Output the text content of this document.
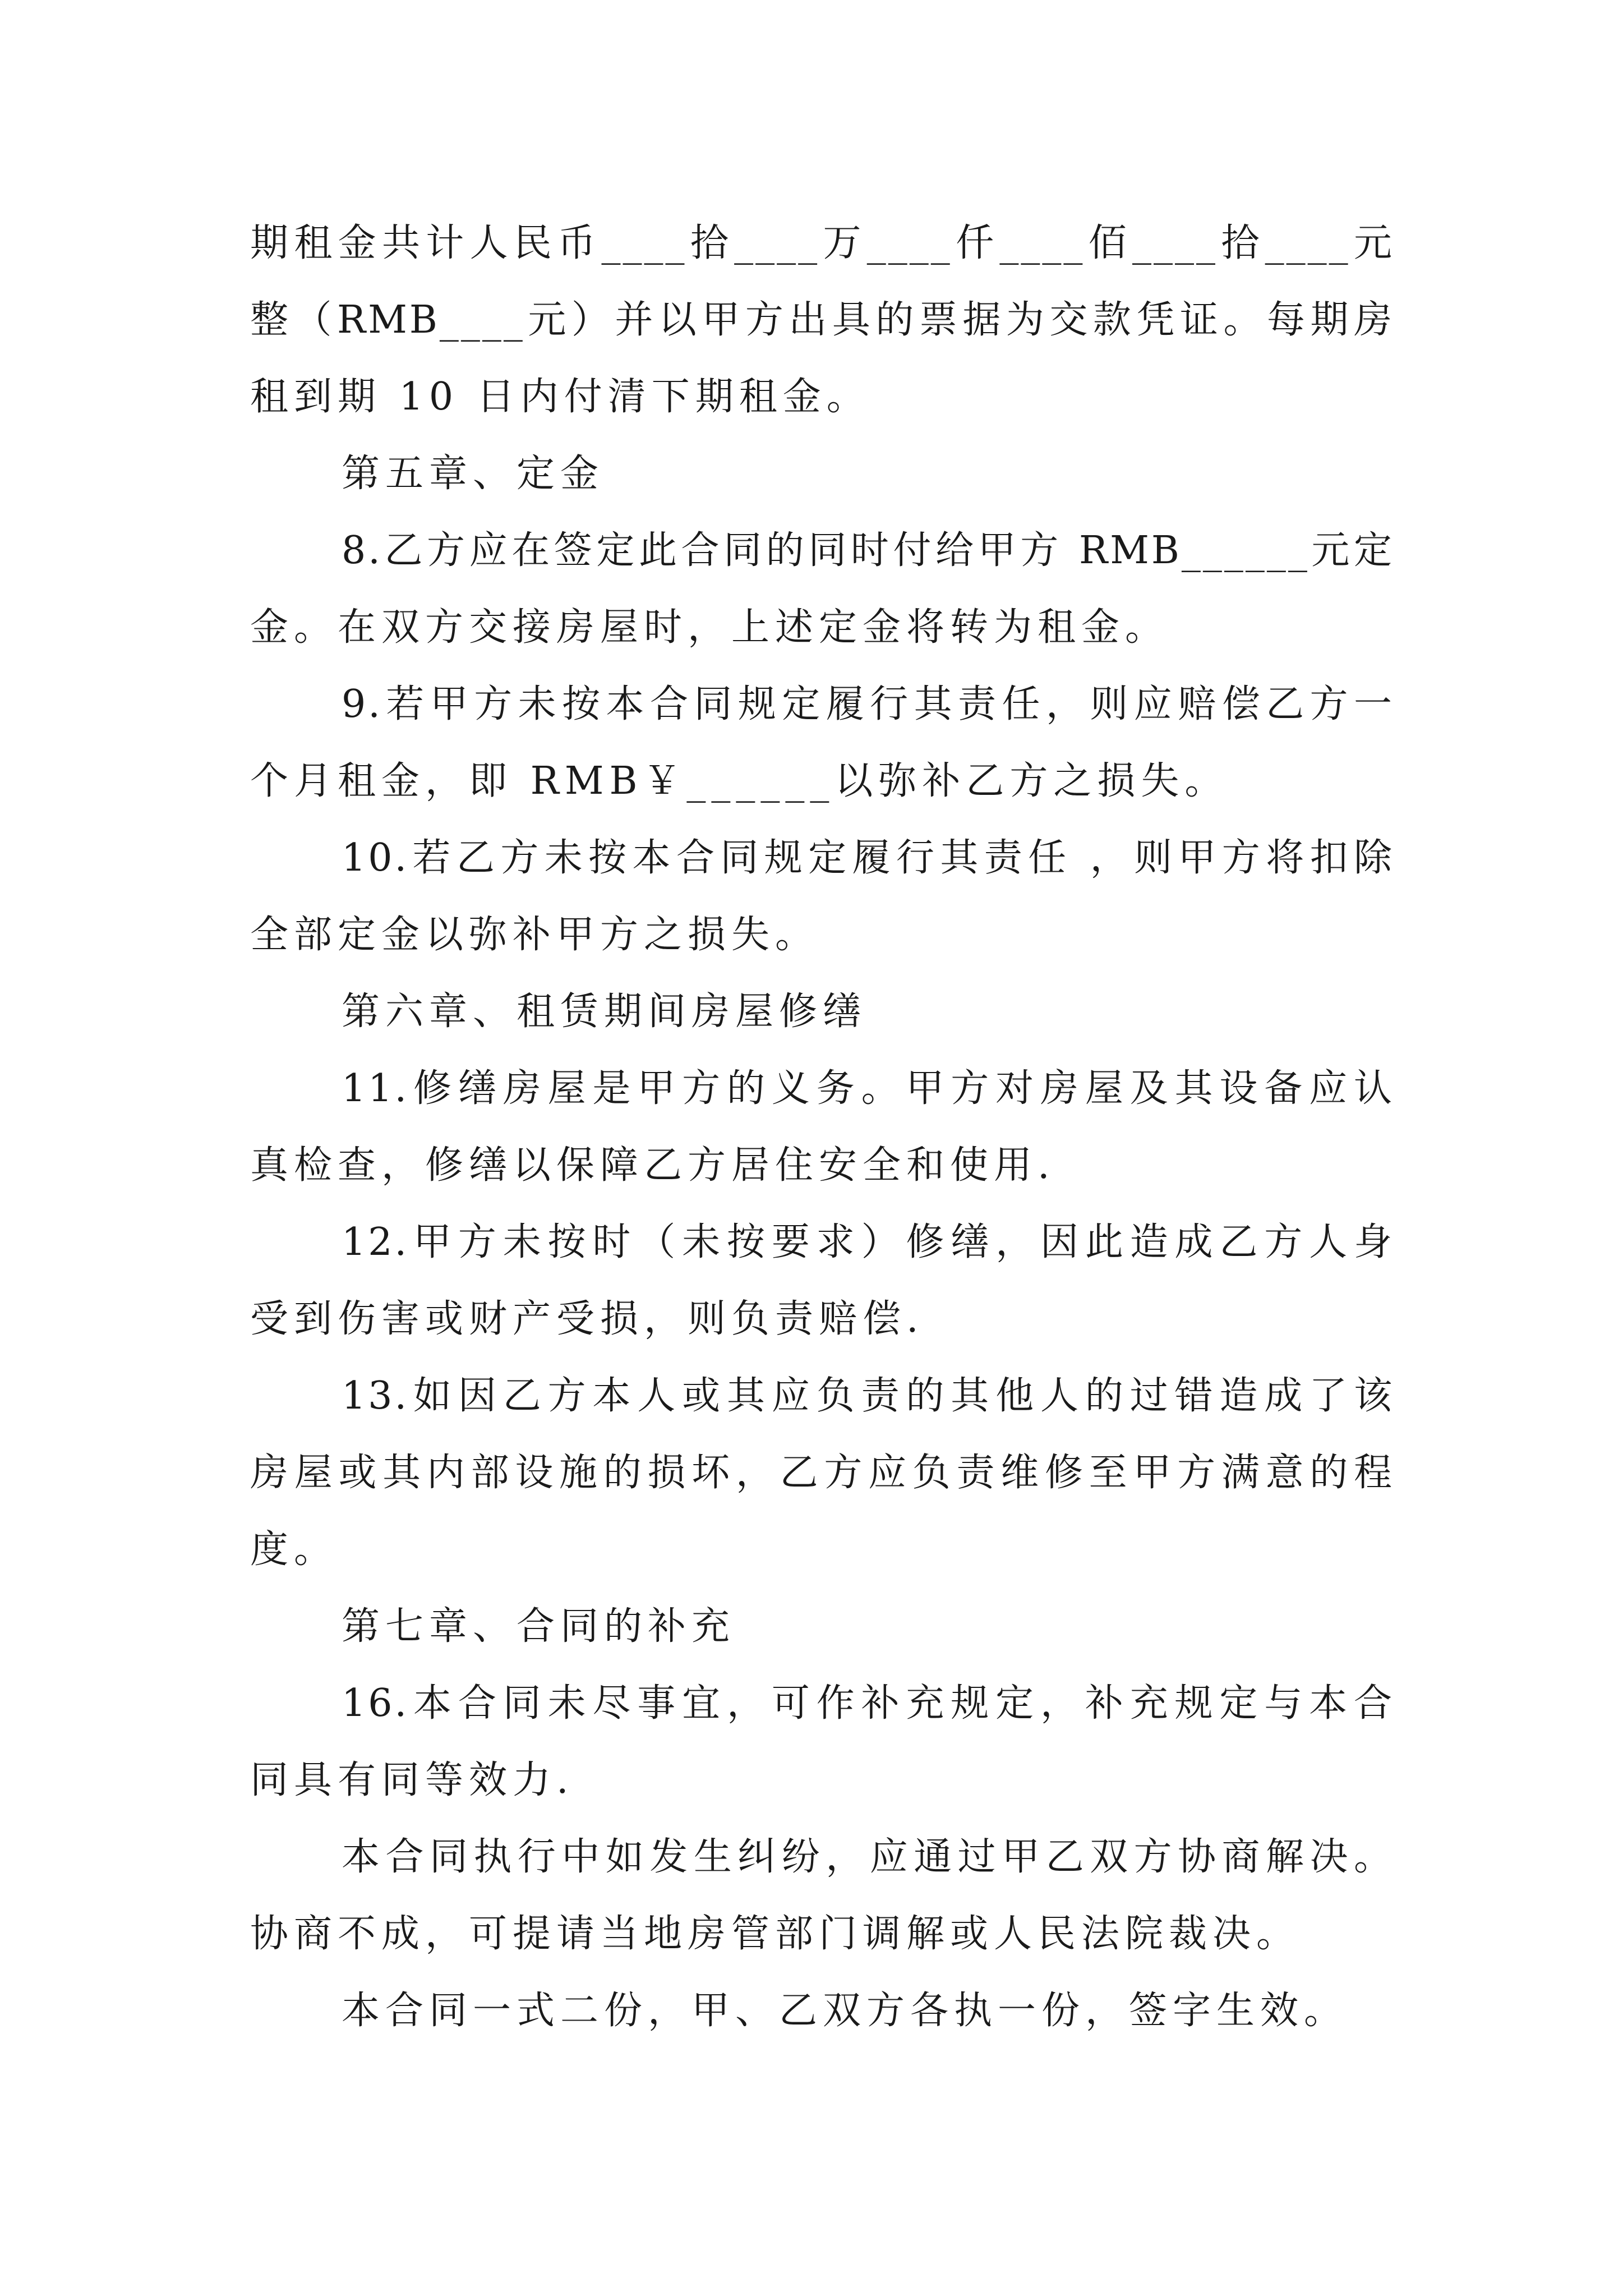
期租金共计人民币____拾____万____仟____佰____拾____元
整（RMB____元）并以甲方出具的票据为交款凭证。每期房
租到期 10 日内付清下期租金。
第五章、定金
8.乙方应在签定此合同的同时付给甲方 RMB______元定
金。在双方交接房屋时，上述定金将转为租金。
9.若甲方未按本合同规定履行其责任，则应赔偿乙方一
个月租金，即 RMB￥______以弥补乙方之损失。
10.若乙方未按本合同规定履行其责任 ，则甲方将扣除
全部定金以弥补甲方之损失。
第六章、租赁期间房屋修缮
11.修缮房屋是甲方的义务。甲方对房屋及其设备应认
真检查，修缮以保障乙方居住安全和使用.
12.甲方未按时（未按要求）修缮，因此造成乙方人身
受到伤害或财产受损，则负责赔偿.
13.如因乙方本人或其应负责的其他人的过错造成了该
房屋或其内部设施的损坏，乙方应负责维修至甲方满意的程
度。
第七章、合同的补充
16.本合同未尽事宜，可作补充规定，补充规定与本合
同具有同等效力.
本合同执行中如发生纠纷，应通过甲乙双方协商解决。
协商不成，可提请当地房管部门调解或人民法院裁决。
本合同一式二份，甲、乙双方各执一份，签字生效。
